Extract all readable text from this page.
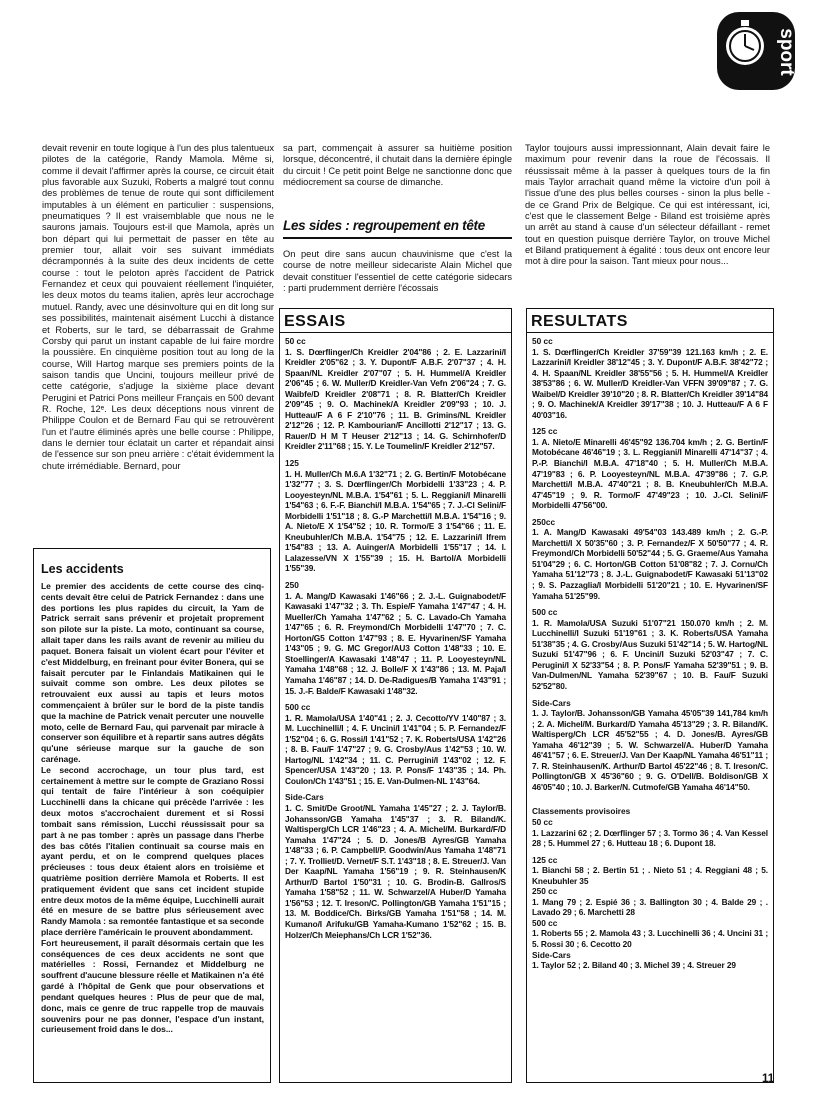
sport

devait revenir en toute logique à l'un des plus talentueux pilotes de la catégorie, Randy Mamola. Même si, comme il devait l'affirmer après la course, ce circuit était plus favorable aux Suzuki, Roberts a malgré tout connu des problèmes de tenue de route qui sont difficilement imputables à un élément en particulier : suspensions, pneumatiques ? Il est vraisemblable que nous ne le saurons jamais. Toujours est-il que Mamola, après un bon départ qui lui permettait de passer en tête au premier tour, allait voir ses suivant immédiats décramponnés à la suite des deux incidents de cette course : tout le peloton après l'accident de Patrick Fernandez et ceux qui pouvaient réellement l'inquiéter, les deux motos du teams italien, après leur accrochage mutuel. Randy, avec une désinvolture qui en dit long sur ses possibilités, maintenait aisément Lucchi à distance et Roberts, sur le tard, se débarrassait de Grahme Corsby qui parut un instant capable de lui faire mordre la poussière. En cinquième position tout au long de la course, Will Hartog marque ses premiers points de la saison tandis que Uncini, toujours meilleur privé de cette catégorie, s'adjuge la sixième place devant Perugini et Patrici Pons meilleur Français en 500 devant R. Roche, 12ᵉ. Les deux déceptions nous vinrent de Philippe Coulon et de Bernard Fau qui se retrouvèrent l'un et l'autre éliminés après une belle course : Philippe, dans le dernier tour éclatait un carter et répandait ainsi de l'essence sur son pneu arrière : c'était évidemment la chute irrémédiable. Bernard, pour

sa part, commençait à assurer sa huitième position lorsque, déconcentré, il chutait dans la dernière épingle du circuit ! Ce petit point Belge ne sanctionne donc que médiocrement sa course de dimanche.

Les sides : regroupement en tête

On peut dire sans aucun chauvinisme que c'est la course de notre meilleur sidecariste Alain Michel que devait constituer l'essentiel de cette catégorie sidecars : parti prudemment derrière l'écossais

Taylor toujours aussi impressionnant, Alain devait faire le maximum pour revenir dans la roue de l'écossais. Il réussissait même à la passer à quelques tours de la fin mais Taylor arrachait quand même la victoire d'un poil à l'issue d'une des plus belles courses - sinon la plus belle - de ce Grand Prix de Belgique. Ce qui est intéressant, ici, c'est que le classement Belge - Biland est troisième après un arrêt au stand à cause d'un sélecteur défaillant - remet tout en question puisque derrière Taylor, on trouve Michel et Biland pratiquement à égalité : tous deux ont encore leur mot à dire pour la saison. Tant mieux pour nous...

Les accidents

Le premier des accidents de cette course des cinq-cents devait être celui de Patrick Fernandez : dans une des portions les plus rapides du circuit, la Yam de Patrick serrait sans prévenir et projetait proprement son pilote sur la piste. La moto, continuant sa course, allait taper dans les rails avant de revenir au milieu du paquet. Bonera faisait un violent écart pour l'éviter et c'est Middelburg, en freinant pour éviter Bonera, qui se faisait percuter par le Finlandais Matikainen qui le suivait comme son ombre. Les deux pilotes se retrouvaient eux aussi au tapis et leurs motos commençaient à brûler sur le bord de la piste tandis que la machine de Patrick venait percuter une nouvelle moto, celle de Bernard Fau, qui parvenait par miracle à conserver son équilibre et à repartir sans autres dégâts qu'une sérieuse marque sur la gauche de son carénage.

Le second accrochage, un tour plus tard, est certainement à mettre sur le compte de Graziano Rossi qui tentait de faire l'intérieur à son coéquipier Lucchinelli dans la chicane qui précède l'arrivée : les deux motos s'accrochaient durement et si Rossi tombait sans rémission, Lucchi réussissait pour sa part à ne pas tomber : après un passage dans l'herbe des bas côtés l'italien continuait sa course mais en ayant perdu, et on le comprend quelques places précieuses : tous deux étaient alors en troisième et quatrième position derrière Mamola et Roberts. Il est pratiquement évident que sans cet incident stupide entre deux motos de la même équipe, Lucchinelli aurait été en mesure de se battre plus sérieusement avec Randy Mamola : sa remontée fantastique et sa seconde place derrière l'américain le prouvent abondamment.

Fort heureusement, il paraît désormais certain que les conséquences de ces deux accidents ne sont que matérielles : Rossi, Fernandez et Middelburg ne souffrent d'aucune blessure réelle et Matikainen n'a été gardé à l'hôpital de Genk que pour observations et pendant quelques heures : Plus de peur que de mal, donc, mais ce genre de truc rappelle trop de mauvais souvenirs pour ne pas donner, l'espace d'un instant, curieusement froid dans le dos...

ESSAIS
50 cc
1. S. Dœrflinger/Ch Kreidler 2'04"86 ; 2. E. Lazzarini/I Kreidler 2'05"62 ; 3. Y. Dupont/F A.B.F. 2'07"37 ; 4. H. Spaan/NL Kreidler 2'07"07 ; 5. H. Hummel/A Kreidler 2'06"45 ; 6. W. Muller/D Kreidler-Van Vefn 2'06"24 ; 7. G. Waibfe/D Kreidler 2'08"71 ; 8. R. Blatter/Ch Kreidler 2'09"45 ; 9. O. Machinek/A Kreidler 2'09"93 ; 10. J. Hutteau/F A 6 F 2'10"76 ; 11. B. Grimins/NL Kreidler 2'12"26 ; 12. P. Kambourian/F Ancillotti 2'12"17 ; 13. G. Rauer/D H M T Heuser 2'12"13 ; 14. G. Schirnhofer/D Kreidler 2'11"68 ; 15. Y. Le Toumelin/F Kreidler 2'12"57.
125
1. H. Muller/Ch M.6.A 1'32"71 ; 2. G. Bertin/F Motobécane 1'32"77 ; 3. S. Dœrflinger/Ch Morbidelli 1'33"23 ; 4. P. Looyesteyn/NL M.B.A. 1'54"61 ; 5. L. Reggiani/I Minarelli 1'54"63 ; 6. F.-F. Bianchi/I M.B.A. 1'54"65 ; 7. J.-Cl Selini/F Morbidelli 1'51"18 ; 8. G.-P Marchetti/I M.B.A. 1'54"16 ; 9. A. Nieto/E X 1'54"52 ; 10. R. Tormo/E 3 1'54"66 ; 11. E. Kneubuhler/Ch M.B.A. 1'54"75 ; 12. E. Lazzarini/I Ifrem 1'54"83 ; 13. A. Auinger/A Morbidelli 1'55"17 ; 14. I. Lalazesse/VN X 1'55"39 ; 15. H. Bartol/A Morbidelli 1'55"39.
250
1. A. Mang/D Kawasaki 1'46"66 ; 2. J.-L. Guignabodet/F Kawasaki 1'47"32 ; 3. Th. Espie/F Yamaha 1'47"47 ; 4. H. Mueller/Ch Yamaha 1'47"62 ; 5. C. Lavado-Ch Yamaha 1'47"65 ; 6. R. Freymond/Ch Morbidelli 1'47"70 ; 7. C. Horton/G5 Cotton 1'47"93 ; 8. E. Hyvarinen/SF Yamaha 1'43"05 ; 9. G. MC Gregor/AU3 Cotton 1'48"33 ; 10. E. Stoellinger/A Kawasaki 1'48"47 ; 11. P. Looyesteyn/NL Yamaha 1'48"68 ; 12. J. Bolle/F X 1'43"86 ; 13. M. Paja/I Yamaha 1'46"87 ; 14. D. De-Radigues/B Yamaha 1'43"91 ; 15. J.-F. Balde/F Kawasaki 1'48"32.
500 cc
1. R. Mamola/USA 1'40"41 ; 2. J. Cecotto/YV 1'40"87 ; 3. M. Lucchinelli/I ; 4. F. Uncini/I 1'41"04 ; 5. P. Fernandez/F 1'52"04 ; 6. G. Rossi/I 1'41"52 ; 7. K. Roberts/USA 1'42"26 ; 8. B. Fau/F 1'47"27 ; 9. G. Crosby/Aus 1'42"53 ; 10. W. Hartog/NL 1'42"34 ; 11. C. Perrugini/I 1'43"02 ; 12. F. Spencer/USA 1'43"20 ; 13. P. Pons/F 1'43"35 ; 14. Ph. Coulon/Ch 1'43"51 ; 15. E. Van-Dulmen-NL 1'43"64.
Side-Cars
1. C. Smit/De Groot/NL Yamaha 1'45"27 ; 2. J. Taylor/B. Johansson/GB Yamaha 1'45"37 ; 3. R. Biland/K. Waltisperg/Ch LCR 1'46"23 ; 4. A. Michel/M. Burkard/F/D Yamaha 1'47"24 ; 5. D. Jones/B Ayres/GB Yamaha 1'48"33 ; 6. P. Campbell/P. Goodwin/Aus Yamaha 1'48"71 ; 7. Y. Trolliet/D. Vernet/F S.T. 1'43"18 ; 8. E. Streuer/J. Van Der Kaap/NL Yamaha 1'56"19 ; 9. R. Steinhausen/K Arthur/D Bartol 1'50"31 ; 10. G. Brodin-B. Gallros/S Yamaha 1'58"52 ; 11. W. Schwarzel/A Huber/D Yamaha 1'56"53 ; 12. T. Ireson/C. Pollington/GB Yamaha 1'51"15 ; 13. M. Boddice/Ch. Birks/GB Yamaha 1'51"58 ; 14. M. Kumano/I Arifuku/GB Yamaha-Kumano 1'52"62 ; 15. B. Holzer/Ch Meiephans/Ch LCR 1'52"36.
RESULTATS
50 cc
1. S. Dœrflinger/Ch Kreidler 37'59"39 121.163 km/h ; 2. E. Lazzarini/I Kreidler 38'12"45 ; 3. Y. Dupont/F A.B.F. 38'42"72 ; 4. H. Spaan/NL Kreidler 38'55"56 ; 5. H. Hummel/A Kreidler 38'53"86 ; 6. W. Muller/D Kreidler-Van VFFN 39'09"87 ; 7. G. Waibel/D Kreidler 39'10"20 ; 8. R. Blatter/Ch Kreidler 39'14"84 ; 9. O. Machinek/A Kreidler 39'17"38 ; 10. J. Hutteau/F A 6 F 40'03"16.
125 cc
1. A. Nieto/E Minarelli 46'45"92 136.704 km/h ; 2. G. Bertin/F Motobécane 46'46"19 ; 3. L. Reggiani/I Minarelli 47'14"37 ; 4. P.-P. Bianchi/I M.B.A. 47'18"40 ; 5. H. Muller/Ch M.B.A. 47'19"83 ; 6. P. Looyesteyn/NL M.B.A. 47'39"86 ; 7. G.P. Marchetti/I M.B.A. 47'40"21 ; 8. B. Kneubuhler/Ch M.B.A. 47'45"19 ; 9. R. Tormo/F 47'49"23 ; 10. J.-Cl. Selini/F Morbidelli 47'56"00.
250cc
1. A. Mang/D Kawasaki 49'54"03 143.489 km/h ; 2. G.-P. Marchetti/I X 50'35"60 ; 3. P. Fernandez/F X 50'50"77 ; 4. R. Freymond/Ch Morbidelli 50'52"44 ; 5. G. Graeme/Aus Yamaha 51'04"29 ; 6. C. Horton/GB Cotton 51'08"82 ; 7. J. Cornu/Ch Yamaha 51'12"73 ; 8. J.-L. Guignabodet/F Kawasaki 51'13"02 ; 9. S. Pazzaglia/I Morbidelli 51'20"21 ; 10. E. Hyvarinen/SF Yamaha 51'25"99.
500 cc
1. R. Mamola/USA Suzuki 51'07"21 150.070 km/h ; 2. M. Lucchinelli/I Suzuki 51'19"61 ; 3. K. Roberts/USA Yamaha 51'38"35 ; 4. G. Crosby/Aus Suzuki 51'42"14 ; 5. W. Hartog/NL Suzuki 51'47"96 ; 6. F. Uncini/I Suzuki 52'03"47 ; 7. C. Perugini/I X 52'33"54 ; 8. P. Pons/F Yamaha 52'39"51 ; 9. B. Van-Dulmen/NL Yamaha 52'39"67 ; 10. B. Fau/F Suzuki 52'52"80.
Side-Cars
1. J. Taylor/B. Johansson/GB Yamaha 45'05"39 141,784 km/h ; 2. A. Michel/M. Burkard/D Yamaha 45'13"29 ; 3. R. Biland/K. Waltisperg/Ch LCR 45'52"55 ; 4. D. Jones/B. Ayres/GB Yamaha 46'12"39 ; 5. W. Schwarzel/A. Huber/D Yamaha 46'41"57 ; 6. E. Streuer/J. Van Der Kaap/NL Yamaha 46'51"11 ; 7. R. Steinhausen/K. Arthur/D Bartol 45'22"46 ; 8. T. Ireson/C. Pollington/GB X 45'36"60 ; 9. G. O'Dell/B. Boldison/GB X 46'05"40 ; 10. J. Barker/N. Cutmofe/GB Yamaha 46'14"50.
Classements provisoires
50 cc
1. Lazzarini 62 ; 2. Dœrflinger 57 ; 3. Tormo 36 ; 4. Van Kessel 28 ; 5. Hummel 27 ; 6. Hutteau 18 ; 6. Dupont 18.
125 cc
1. Bianchi 58 ; 2. Bertin 51 ; . Nieto 51 ; 4. Reggiani 48 ; 5. Kneubuhler 35
250 cc
1. Mang 79 ; 2. Espié 36 ; 3. Ballington 30 ; 4. Balde 29 ; . Lavado 29 ; 6. Marchetti 28
500 cc
1. Roberts 55 ; 2. Mamola 43 ; 3. Lucchinelli 36 ; 4. Uncini 31 ; 5. Rossi 30 ; 6. Cecotto 20
Side-Cars
1. Taylor 52 ; 2. Biland 40 ; 3. Michel 39 ; 4. Streuer 29
11
